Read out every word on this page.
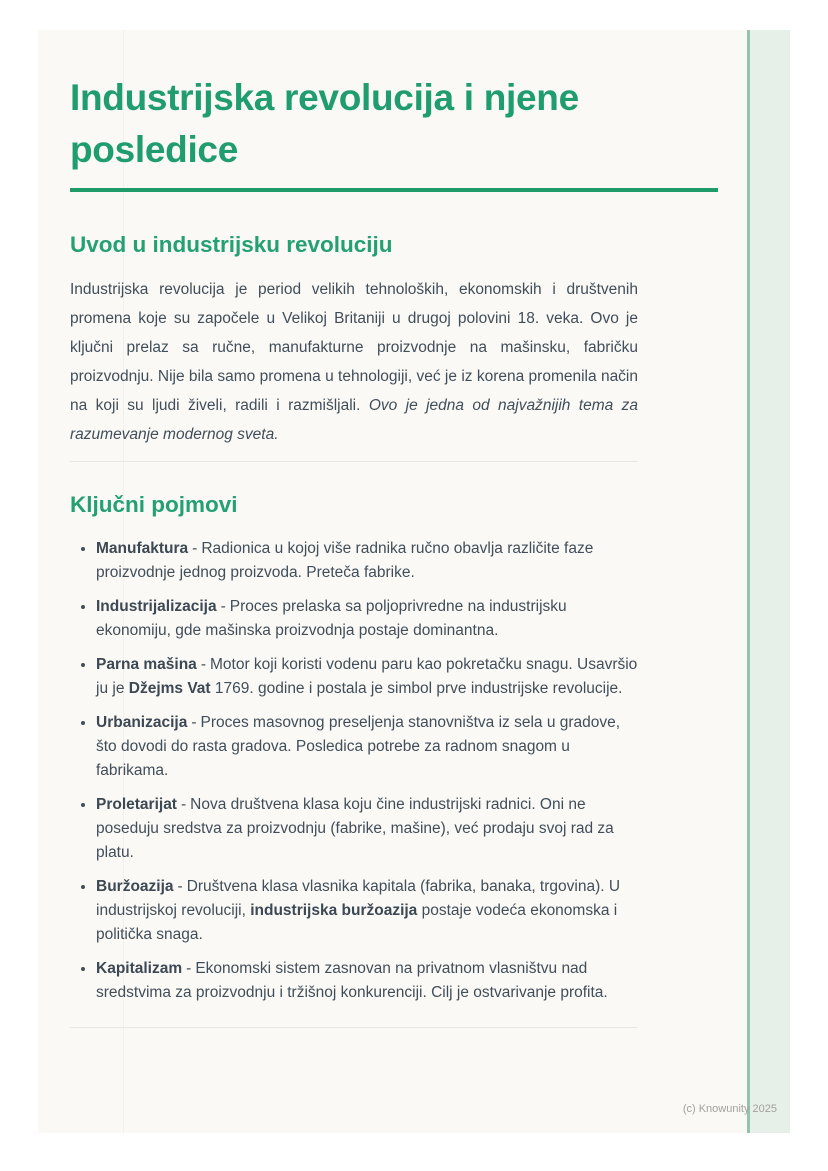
Industrijska revolucija i njene posledice
Uvod u industrijsku revoluciju

Industrijska revolucija je period velikih tehnoloških, ekonomskih i društvenih promena koje su započele u Velikoj Britaniji u drugoj polovini 18. veka. Ovo je ključni prelaz sa ručne, manufakturne proizvodnje na mašinsku, fabričku proizvodnju. Nije bila samo promena u tehnologiji, već je iz korena promenila način na koji su ljudi živeli, radili i razmišljali. Ovo je jedna od najvažnijih tema za razumevanje modernog sveta.

Ključni pojmovi
• Manufaktura - Radionica u kojoj više radnika ručno obavlja različite faze proizvodnje jednog proizvoda. Preteča fabrike.
• Industrijalizacija - Proces prelaska sa poljoprivredne na industrijsku ekonomiju, gde mašinska proizvodnja postaje dominantna.
• Parna mašina - Motor koji koristi vodenu paru kao pokretačku snagu. Usavršio ju je Džejms Vat 1769. godine i postala je simbol prve industrijske revolucije.
• Urbanizacija - Proces masovnog preseljenja stanovništva iz sela u gradove, što dovodi do rasta gradova. Posledica potrebe za radnom snagom u fabrikama.
• Proletarijat - Nova društvena klasa koju čine industrijski radnici. Oni ne poseduju sredstva za proizvodnju (fabrike, mašine), već prodaju svoj rad za platu.
• Buržoazija - Društvena klasa vlasnika kapitala (fabrika, banaka, trgovina). U industrijskoj revoluciji, industrijska buržoazija postaje vodeća ekonomska i politička snaga.
• Kapitalizam - Ekonomski sistem zasnovan na privatnom vlasništvu nad sredstvima za proizvodnju i tržišnoj konkurenciji. Cilj je ostvarivanje profita.
(c) Knowunity 2025
